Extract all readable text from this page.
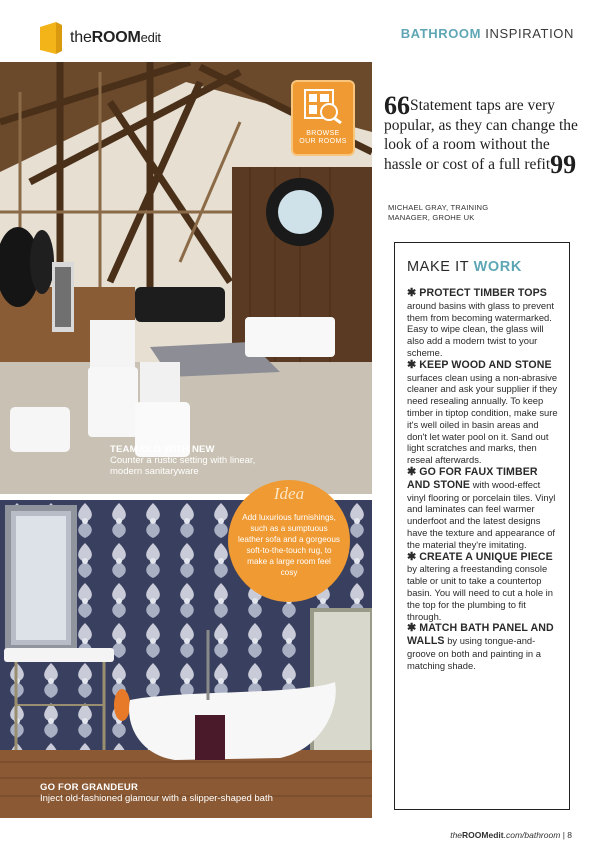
theROOMedit	BATHROOM INSPIRATION
TEAM OLD WITH NEW
Counter a rustic setting with linear, modern sanitaryware
BROWSE
OUR ROOMS
66Statement taps are very popular, as they can change the look of a room without the hassle or cost of a full refit99
MICHAEL GRAY, TRAINING
MANAGER, GROHE UK
MAKE IT WORK
✱ PROTECT TIMBER TOPS around basins with glass to prevent them from becoming watermarked. Easy to wipe clean, the glass will also add a modern twist to your scheme.
✱ KEEP WOOD AND STONE surfaces clean using a non-abrasive cleaner and ask your supplier if they need resealing annually. To keep timber in tiptop condition, make sure it's well oiled in basin areas and don't let water pool on it. Sand out light scratches and marks, then reseal afterwards.
✱ GO FOR FAUX TIMBER AND STONE with wood-effect vinyl flooring or porcelain tiles. Vinyl and laminates can feel warmer underfoot and the latest designs have the texture and appearance of the material they're imitating.
✱ CREATE A UNIQUE PIECE by altering a freestanding console table or unit to take a countertop basin. You will need to cut a hole in the top for the plumbing to fit through.
✱ MATCH BATH PANEL AND WALLS by using tongue-and-groove on both and painting in a matching shade.
GO FOR GRANDEUR
Inject old-fashioned glamour with a slipper-shaped bath
Idea
Add luxurious furnishings, such as a sumptuous leather sofa and a gorgeous soft-to-the-touch rug, to make a large room feel cosy
theROOMedit.com/bathroom | 8
